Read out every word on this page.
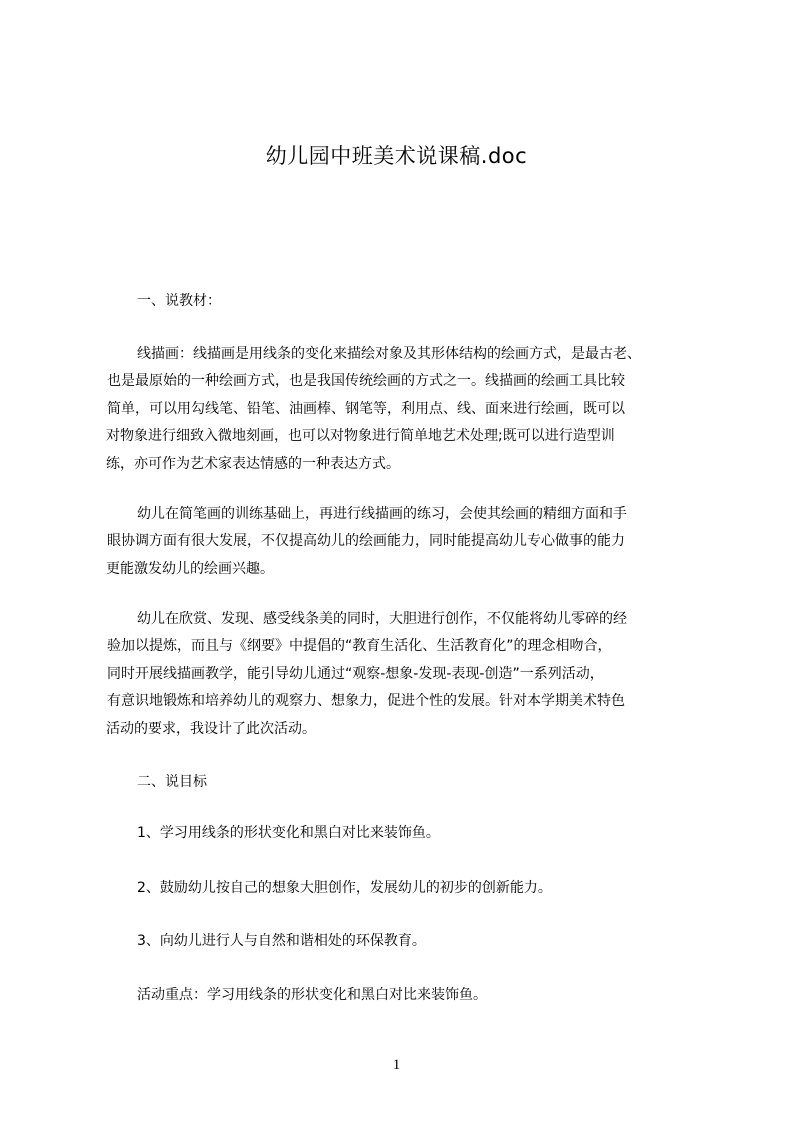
幼儿园中班美术说课稿.doc
一、说教材：
线描画：线描画是用线条的变化来描绘对象及其形体结构的绘画方式，是最古老、
也是最原始的一种绘画方式，也是我国传统绘画的方式之一。线描画的绘画工具比较
简单，可以用勾线笔、铅笔、油画棒、钢笔等，利用点、线、面来进行绘画，既可以
对物象进行细致入微地刻画，也可以对物象进行简单地艺术处理;既可以进行造型训
练，亦可作为艺术家表达情感的一种表达方式。
幼儿在简笔画的训练基础上，再进行线描画的练习，会使其绘画的精细方面和手
眼协调方面有很大发展，不仅提高幼儿的绘画能力，同时能提高幼儿专心做事的能力
更能激发幼儿的绘画兴趣。
幼儿在欣赏、发现、感受线条美的同时，大胆进行创作，不仅能将幼儿零碎的经
验加以提炼，而且与《纲要》中提倡的“教育生活化、生活教育化”的理念相吻合，
同时开展线描画教学，能引导幼儿通过“观察-想象-发现-表现-创造”一系列活动，
有意识地锻炼和培养幼儿的观察力、想象力，促进个性的发展。针对本学期美术特色
活动的要求，我设计了此次活动。
二、说目标
1、学习用线条的形状变化和黑白对比来装饰鱼。
2、鼓励幼儿按自己的想象大胆创作，发展幼儿的初步的创新能力。
3、向幼儿进行人与自然和谐相处的环保教育。
活动重点：学习用线条的形状变化和黑白对比来装饰鱼。
1
